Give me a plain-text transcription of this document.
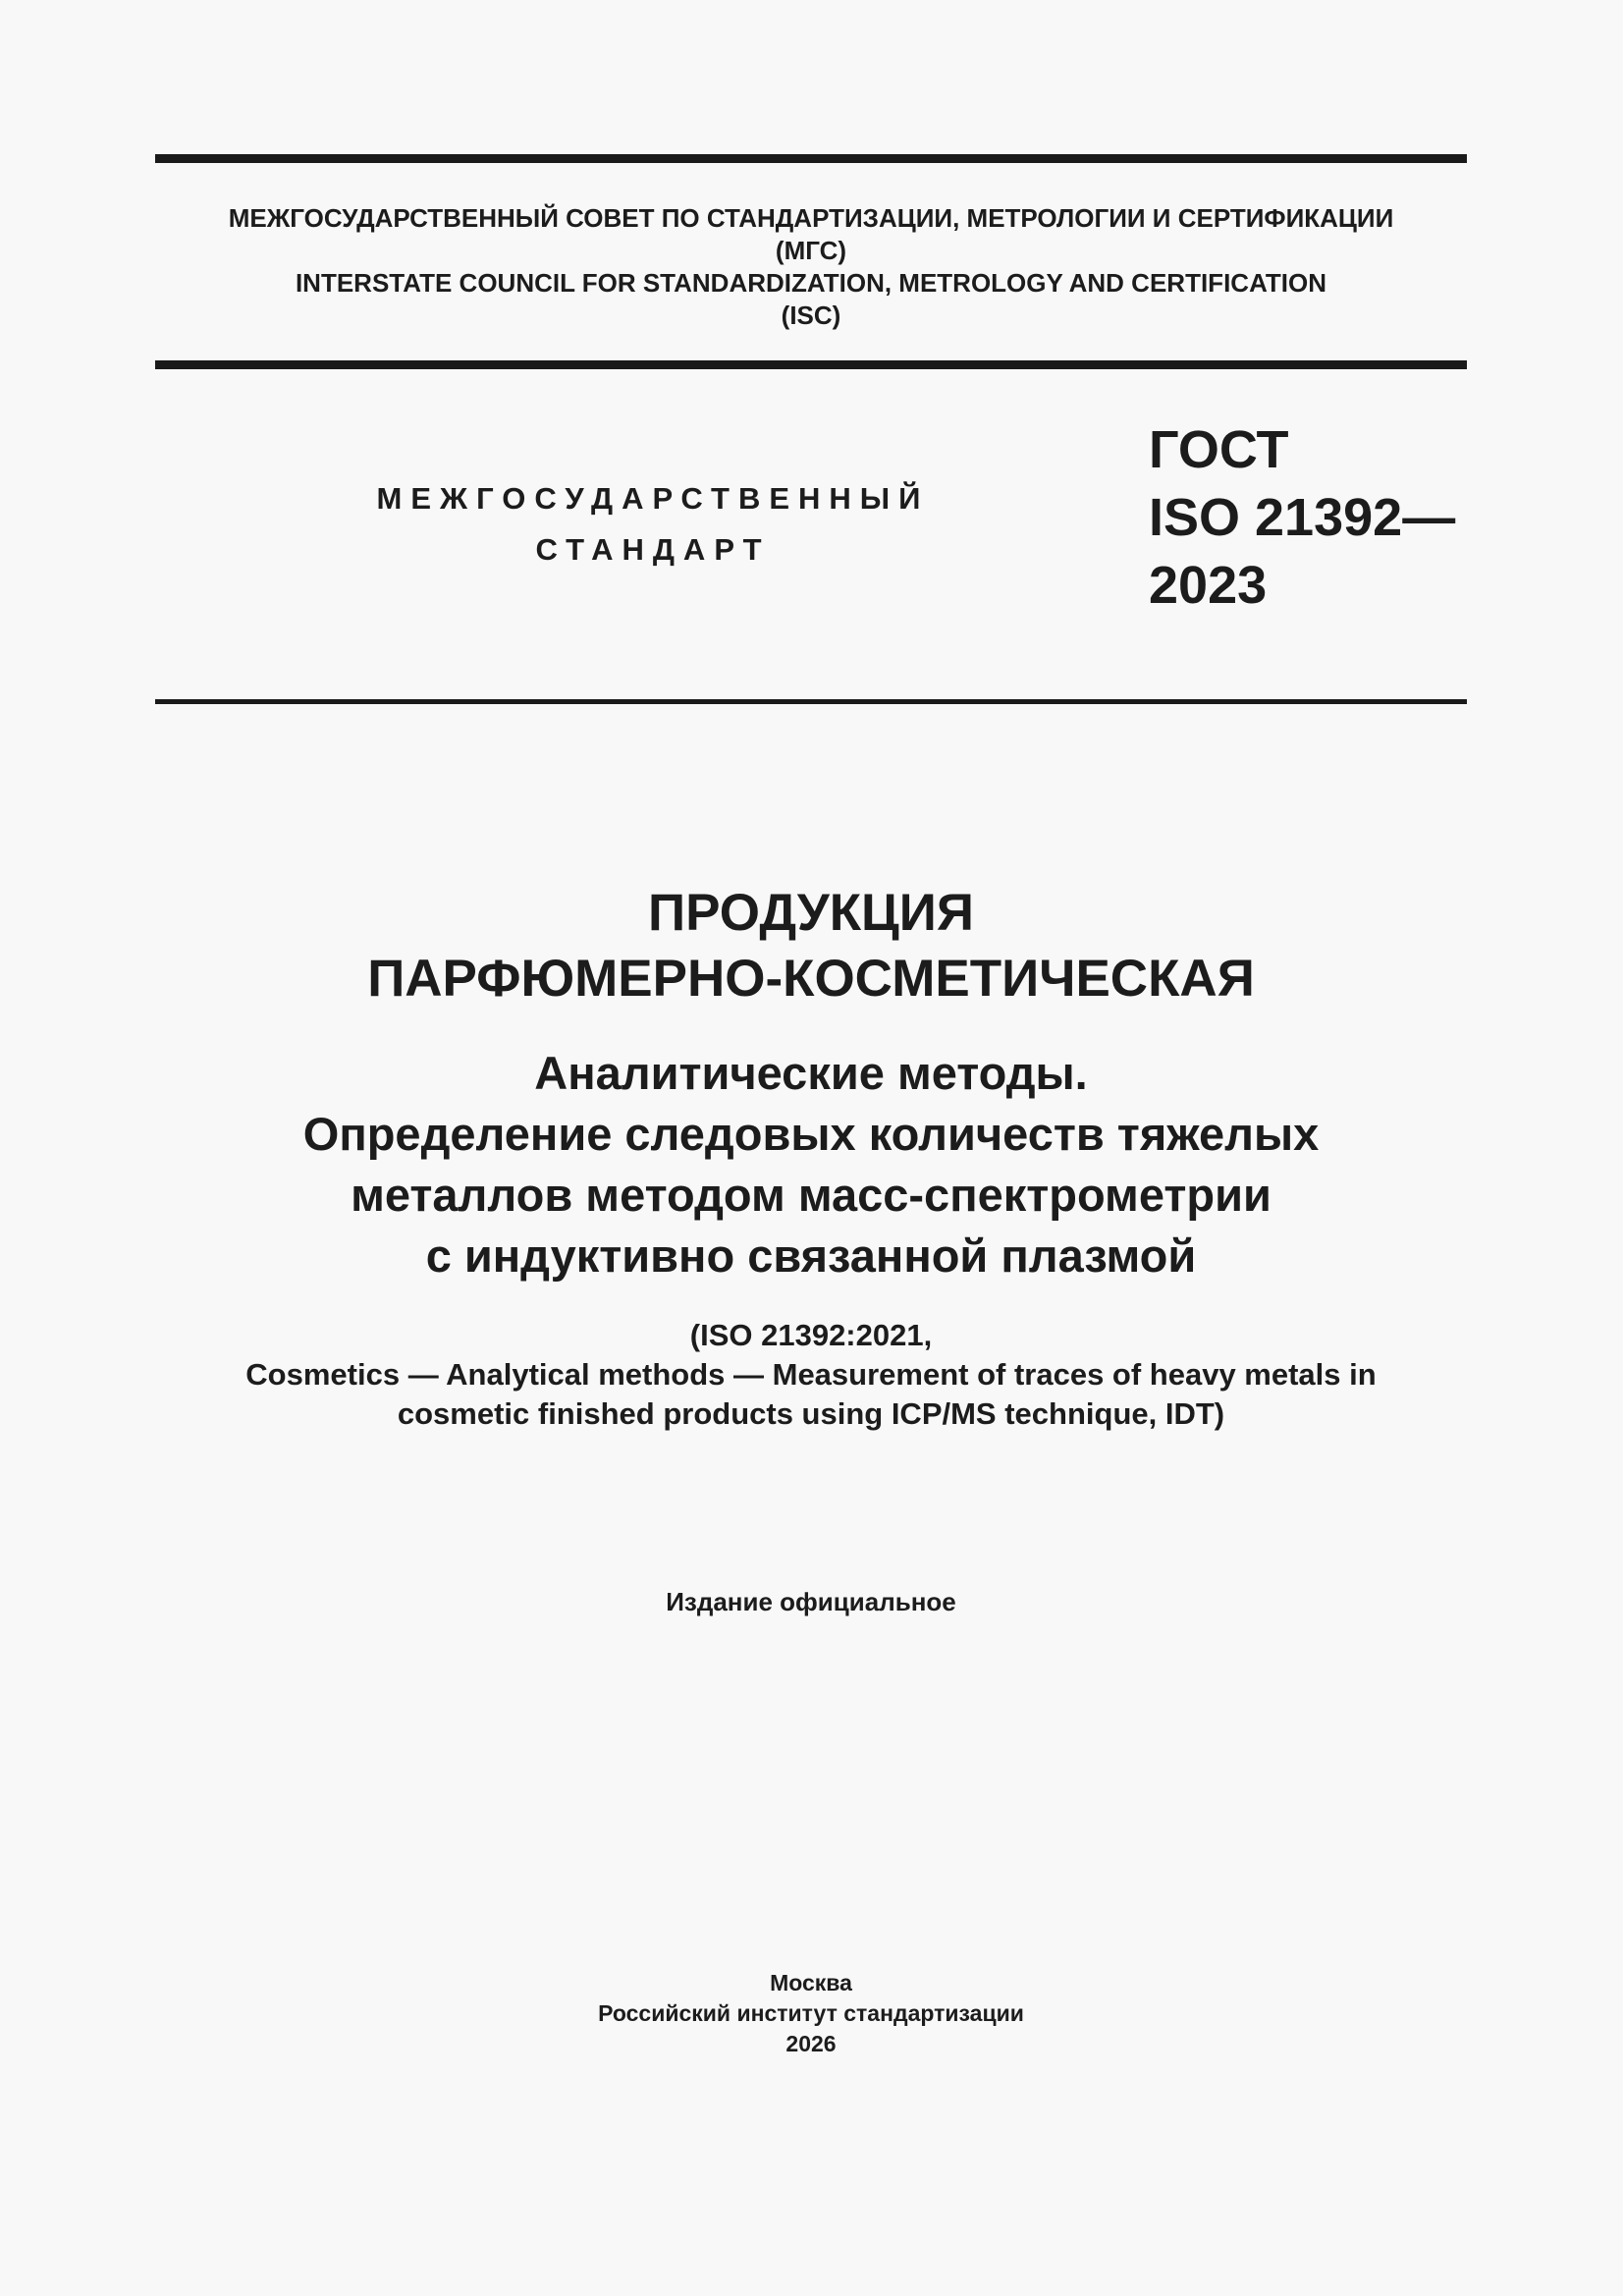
МЕЖГОСУДАРСТВЕННЫЙ СОВЕТ ПО СТАНДАРТИЗАЦИИ, МЕТРОЛОГИИ И СЕРТИФИКАЦИИ
(МГС)
INTERSTATE COUNCIL FOR STANDARDIZATION, METROLOGY AND CERTIFICATION
(ISC)
МЕЖГОСУДАРСТВЕННЫЙ
СТАНДАРТ
ГОСТ
ISO 21392—
2023
ПРОДУКЦИЯ
ПАРФЮМЕРНО-КОСМЕТИЧЕСКАЯ
Аналитические методы.
Определение следовых количеств тяжелых
металлов методом масс-спектрометрии
с индуктивно связанной плазмой
(ISO 21392:2021,
Cosmetics — Analytical methods — Measurement of traces of heavy metals in
cosmetic finished products using ICP/MS technique, IDT)
Издание официальное
Москва
Российский институт стандартизации
2026
